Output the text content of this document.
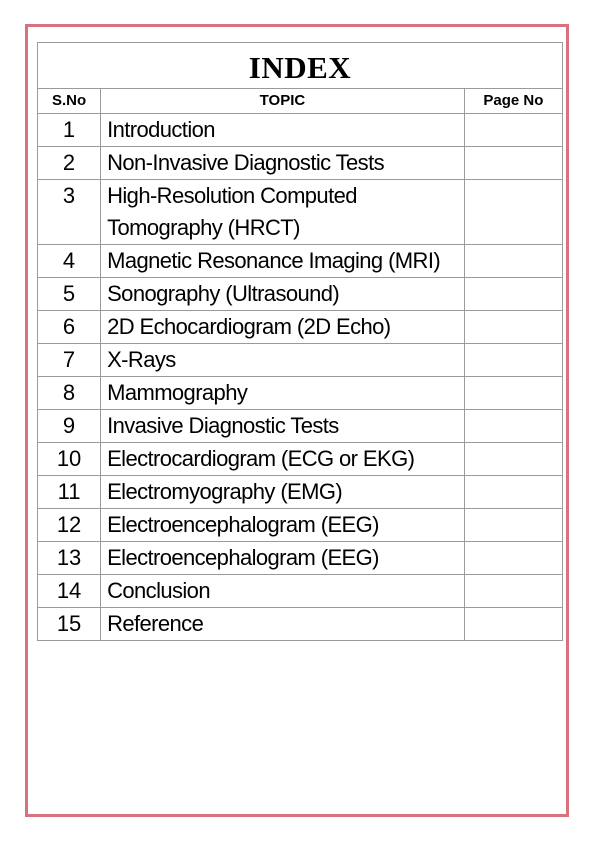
INDEX		
S.No	TOPIC	Page No
1	Introduction	
2	Non-Invasive Diagnostic Tests	
3	High-Resolution Computed Tomography (HRCT)	
4	Magnetic Resonance Imaging (MRI)	
5	Sonography (Ultrasound)	
6	2D Echocardiogram (2D Echo)	
7	X-Rays	
8	Mammography	
9	Invasive Diagnostic Tests	
10	Electrocardiogram (ECG or EKG)	
11	Electromyography (EMG)	
12	Electroencephalogram (EEG)	
13	Electroencephalogram (EEG)	
14	Conclusion	
15	Reference	
